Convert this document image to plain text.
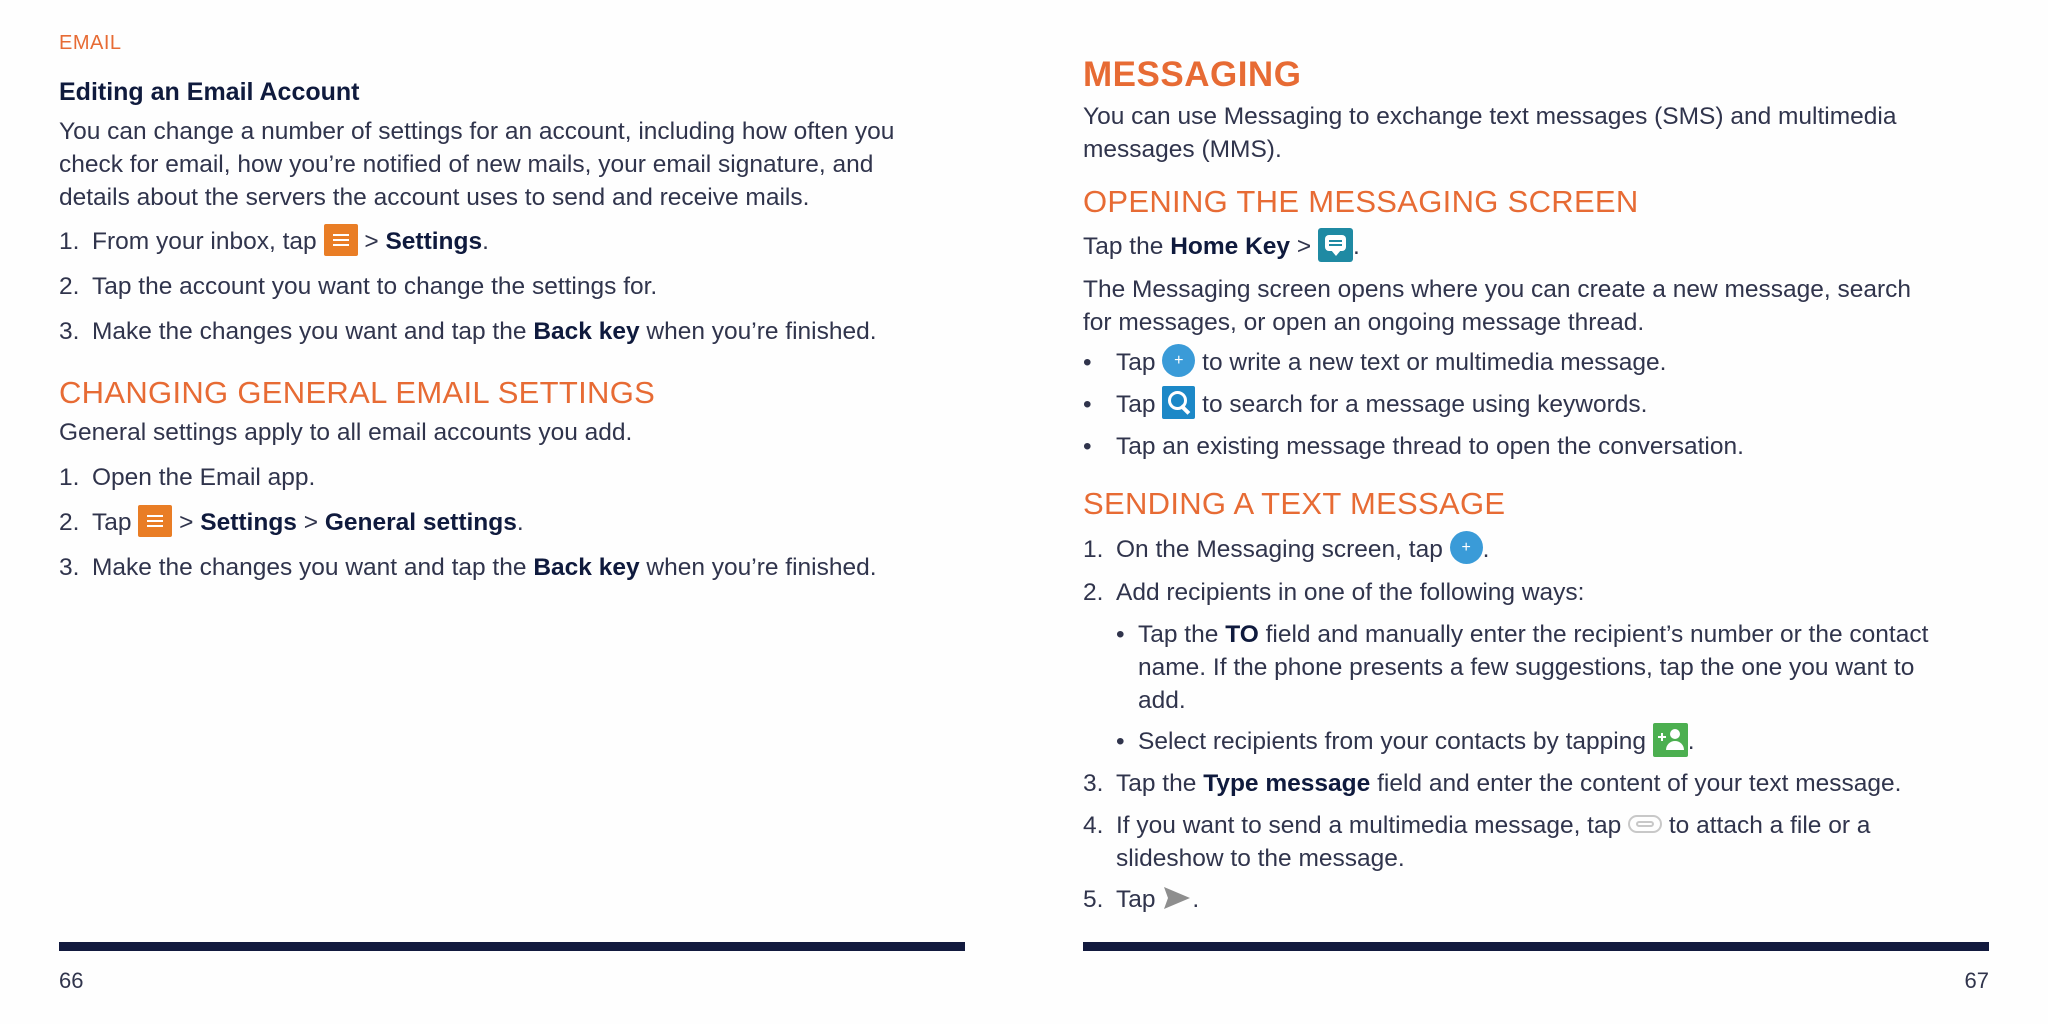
EMAIL
Editing an Email Account
You can change a number of settings for an account, including how often you
check for email, how you’re notified of new mails, your email signature, and
details about the servers the account uses to send and receive mails.
1. From your inbox, tap > Settings.
2. Tap the account you want to change the settings for.
3. Make the changes you want and tap the Back key when you’re finished.
CHANGING GENERAL EMAIL SETTINGS
General settings apply to all email accounts you add.
1. Open the Email app.
2. Tap > Settings > General settings.
3. Make the changes you want and tap the Back key when you’re finished.
66
MESSAGING
You can use Messaging to exchange text messages (SMS) and multimedia
messages (MMS).
OPENING THE MESSAGING SCREEN
Tap the Home Key > .
The Messaging screen opens where you can create a new message, search
for messages, or open an ongoing message thread.
• Tap + to write a new text or multimedia message.
• Tap to search for a message using keywords.
• Tap an existing message thread to open the conversation.
SENDING A TEXT MESSAGE
1. On the Messaging screen, tap + .
2. Add recipients in one of the following ways:
• Tap the TO field and manually enter the recipient’s number or the contact
name. If the phone presents a few suggestions, tap the one you want to
add.
• Select recipients from your contacts by tapping .
3. Tap the Type message field and enter the content of your text message.
4. If you want to send a multimedia message, tap to attach a file or a
slideshow to the message.
5. Tap .
67
